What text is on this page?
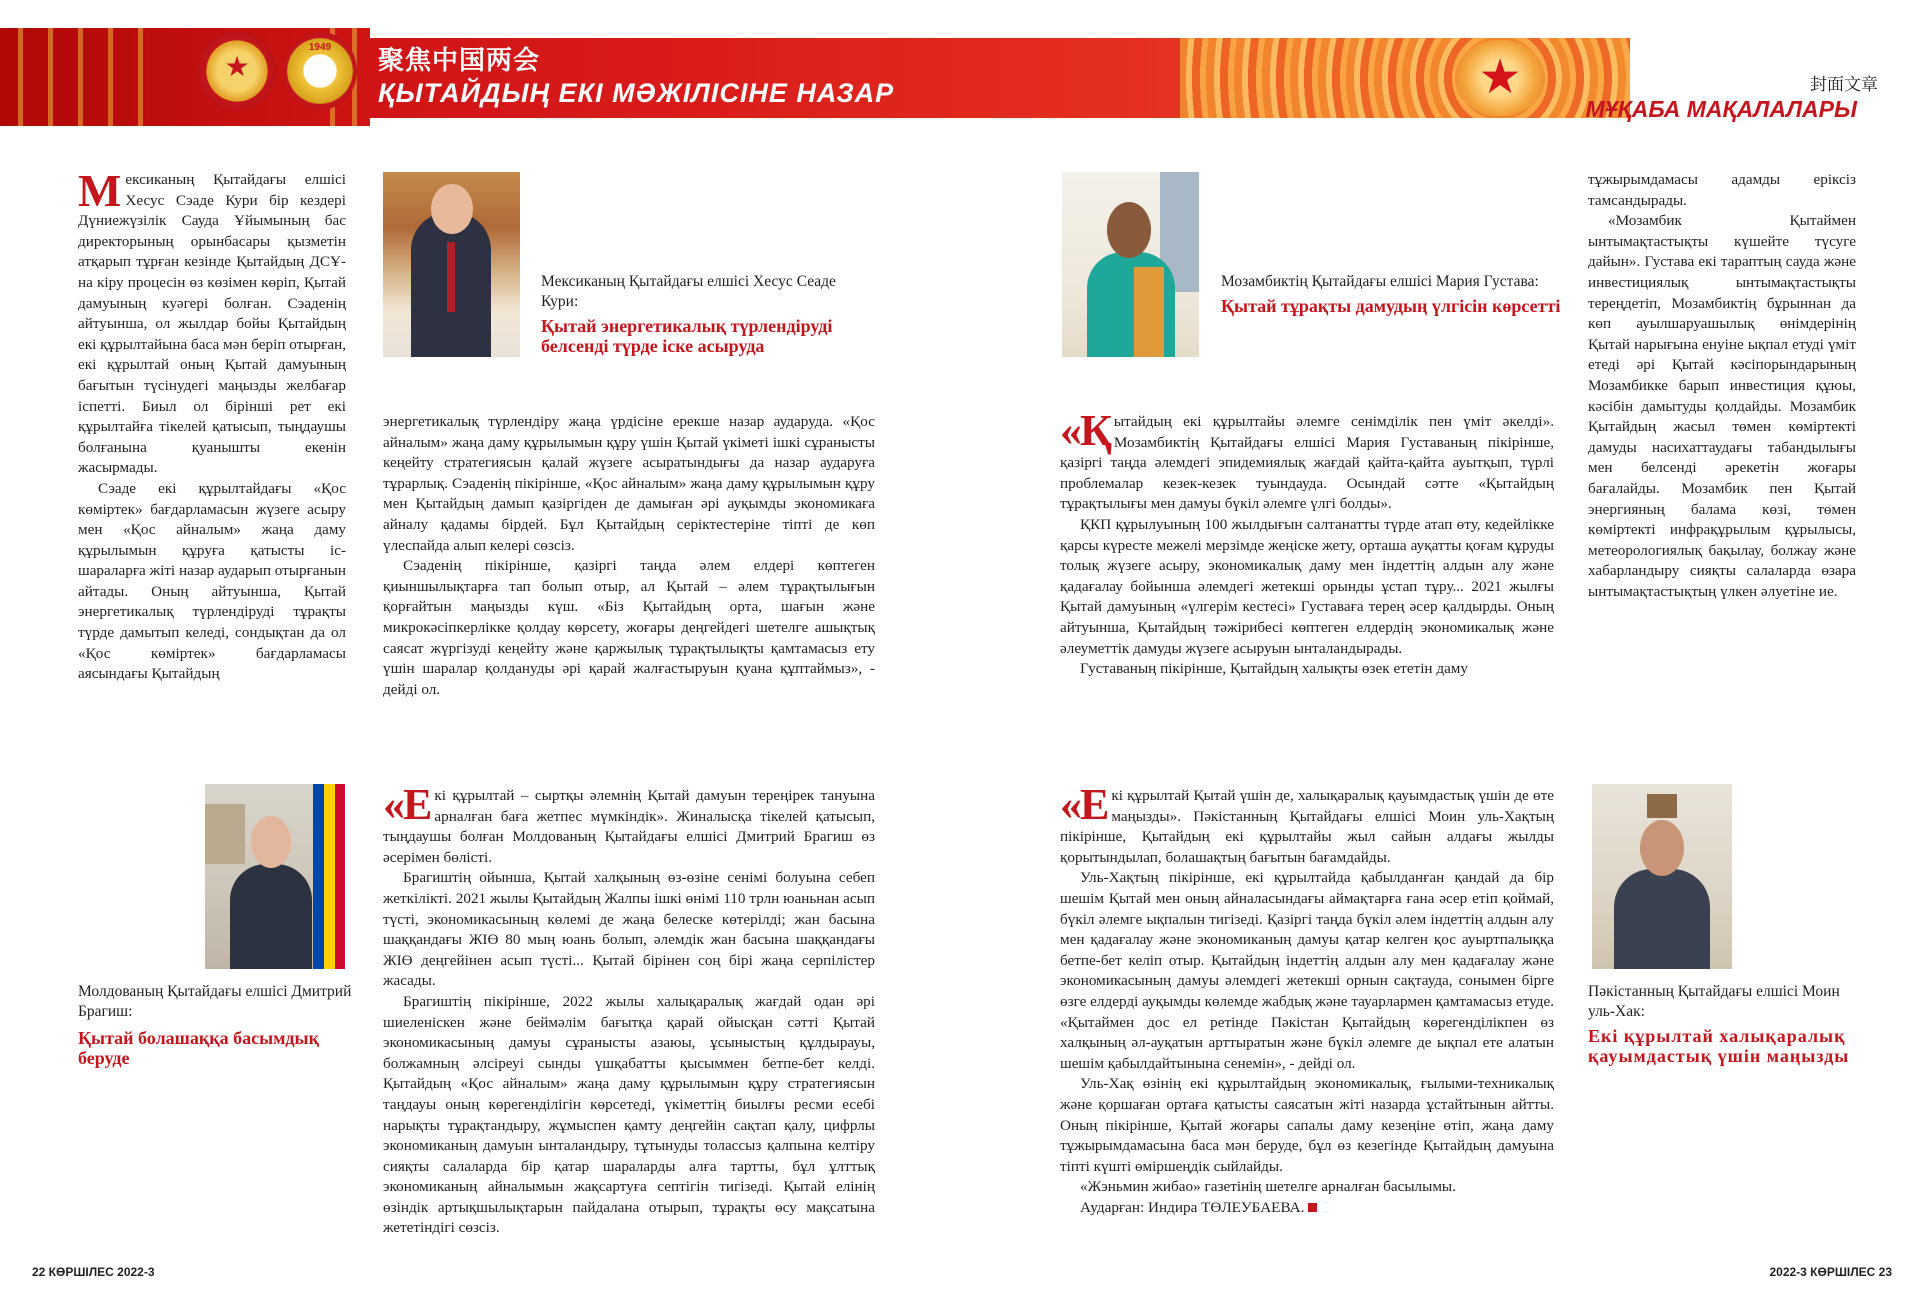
★
1949	聚焦中国两会
ҚЫТАЙДЫҢ ЕКІ МӘЖІЛІСІНЕ НАЗАР	★	封面文章
МҰҚАБА МАҚАЛАЛАРЫ

Мексиканың Қытайдағы елшісі Хесус Сэаде Кури бір кездері Дүниежүзілік Сауда Ұйымының бас директорының орынбасары қызметін атқарып тұрған кезінде Қытайдың ДСҰ-на кіру процесін өз көзімен көріп, Қытай дамуының куәгері болған. Сэаденің айтуынша, ол жылдар бойы Қытайдың екі құрылтайына баса мән беріп отырған, екі құрылтай оның Қытай дамуының бағытын түсінудегі маңызды желбағар іспетті. Биыл ол бірінші рет екі құрылтайға тікелей қатысып, тыңдаушы болғанына қуанышты екенін жасырмады.

Сэаде екі құрылтайдағы «Қос көміртек» бағдарламасын жүзеге асыру мен «Қос айналым» жаңа даму құрылымын құруға қатысты іс-шараларға жіті назар аударып отырғанын айтады. Оның айтуынша, Қытай энергетикалық түрлендіруді тұрақты түрде дамытып келеді, сондықтан да ол «Қос көміртек» бағдарламасы аясындағы Қытайдың

Мексиканың Қытайдағы елшісі Хесус Сеаде Кури:
Қытай энергетикалық түрлендіруді белсенді түрде іске асыруда

энергетикалық түрлендіру жаңа үрдісіне ерекше назар аударуда. «Қос айналым» жаңа даму құрылымын құру үшін Қытай үкіметі ішкі сұранысты кеңейту стратегиясын қалай жүзеге асыратындығы да назар аударуға тұрарлық. Сэаденің пікірінше, «Қос айналым» жаңа даму құрылымын құру мен Қытайдың дамып қазіргіден де дамыған әрі ауқымды экономикаға айналу қадамы бірдей. Бұл Қытайдың серіктестеріне тіпті де көп үлеспайда алып келері сөзсіз.

Сэаденің пікірінше, қазіргі таңда әлем елдері көптеген қиыншылықтарға тап болып отыр, ал Қытай – әлем тұрақтылығын қорғайтын маңызды күш. «Біз Қытайдың орта, шағын және микрокәсіпкерлікке қолдау көрсету, жоғары деңгейдегі шетелге ашықтық саясат жүргізуді кеңейту және қаржылық тұрақтылықты қамтамасыз ету үшін шаралар қолдануды әрі қарай жалғастыруын қуана құптаймыз», - дейді ол.

Мозамбиктің Қытайдағы елшісі Мария Густава:
Қытай тұрақты дамудың үлгісін көрсетті

«Қытайдың екі құрылтайы әлемге сенімділік пен үміт әкелді». Мозамбиктің Қытайдағы елшісі Мария Густаваның пікірінше, қазіргі таңда әлемдегі эпидемиялық жағдай қайта-қайта ауытқып, түрлі проблемалар кезек-кезек туындауда. Осындай сәтте «Қытайдың тұрақтылығы мен дамуы бүкіл әлемге үлгі болды».

ҚКП құрылуының 100 жылдығын салтанатты түрде атап өту, кедейлікке қарсы күресте межелі мерзімде жеңіске жету, орташа ауқатты қоғам құруды толық жүзеге асыру, экономикалық даму мен індеттің алдын алу және қадағалау бойынша әлемдегі жетекші орынды ұстап тұру... 2021 жылғы Қытай дамуының «үлгерім кестесі» Густаваға терең әсер қалдырды. Оның айтуынша, Қытайдың тәжірибесі көптеген елдердің экономикалық және әлеуметтік дамуды жүзеге асыруын ынталандырады.

Густаваның пікірінше, Қытайдың халықты өзек ететін даму

тұжырымдамасы адамды еріксіз тамсандырады.

«Мозамбик Қытаймен ынтымақтастықты күшейте түсуге дайын». Густава екі тараптың сауда және инвестициялық ынтымақтастықты тереңдетіп, Мозамбиктің бұрыннан да көп ауылшаруашылық өнімдерінің Қытай нарығына енуіне ықпал етуді үміт етеді әрі Қытай кәсіпорындарының Мозамбикке барып инвестиция құюы, кәсібін дамытуды қолдайды. Мозамбик Қытайдың жасыл төмен көміртекті дамуды насихаттаудағы табандылығы мен белсенді әрекетін жоғары бағалайды. Мозамбик пен Қытай энергияның балама көзі, төмен көміртекті инфрақұрылым құрылысы, метеорологиялық бақылау, болжау және хабарландыру сияқты салаларда өзара ынтымақтастықтың үлкен әлуетіне ие.

Молдованың Қытайдағы елшісі Дмитрий Брагиш:
Қытай болашаққа басымдық беруде

«Екі құрылтай – сыртқы әлемнің Қытай дамуын тереңірек тануына арналған баға жетпес мүмкіндік». Жиналысқа тікелей қатысып, тыңдаушы болған Молдованың Қытайдағы елшісі Дмитрий Брагиш өз әсерімен бөлісті.

Брагиштің ойынша, Қытай халқының өз-өзіне сенімі болуына себеп жеткілікті. 2021 жылы Қытайдың Жалпы ішкі өнімі 110 трлн юаньнан асып түсті, экономикасының көлемі де жаңа белеске көтерілді; жан басына шаққандағы ЖІӨ 80 мың юань болып, әлемдік жан басына шаққандағы ЖІӨ деңгейінен асып түсті... Қытай бірінен соң бірі жаңа серпілістер жасады.

Брагиштің пікірінше, 2022 жылы халықаралық жағдай одан әрі шиеленіскен және беймәлім бағытқа қарай ойысқан сәтті Қытай экономикасының дамуы сұранысты азаюы, ұсыныстың құлдырауы, болжамның әлсіреуі сынды үшқабатты қысыммен бетпе-бет келді. Қытайдың «Қос айналым» жаңа даму құрылымын құру стратегиясын таңдауы оның көрегенділігін көрсетеді, үкіметтің биылғы ресми есебі нарықты тұрақтандыру, жұмыспен қамту деңгейін сақтап қалу, цифрлы экономиканың дамуын ынталандыру, тұтынуды толассыз қалпына келтіру сияқты салаларда бір қатар шараларды алға тартты, бұл ұлттық экономиканың айналымын жақсартуға септігін тигізеді. Қытай елінің өзіндік артықшылықтарын пайдалана отырып, тұрақты өсу мақсатына жететіндігі сөзсіз.

«Екі құрылтай Қытай үшін де, халықаралық қауымдастық үшін де өте маңызды». Пәкістанның Қытайдағы елшісі Моин уль-Хақтың пікірінше, Қытайдың екі құрылтайы жыл сайын алдағы жылды қорытындылап, болашақтың бағытын бағамдайды.

Уль-Хақтың пікірінше, екі құрылтайда қабылданған қандай да бір шешім Қытай мен оның айналасындағы аймақтарға ғана әсер етіп қоймай, бүкіл әлемге ықпалын тигізеді. Қазіргі таңда бүкіл әлем індеттің алдын алу мен қадағалау және экономиканың дамуы қатар келген қос ауыртпалыққа бетпе-бет келіп отыр. Қытайдың індеттің алдын алу мен қадағалау және экономикасының дамуы әлемдегі жетекші орнын сақтауда, сонымен бірге өзге елдерді ауқымды көлемде жабдық және тауарлармен қамтамасыз етуде. «Қытаймен дос ел ретінде Пәкістан Қытайдың көрегенділікпен өз халқының әл-ауқатын арттыратын және бүкіл әлемге де ықпал ете алатын шешім қабылдайтынына сенемін», - дейді ол.

Уль-Хақ өзінің екі құрылтайдың экономикалық, ғылыми-техникалық және қоршаған ортаға қатысты саясатын жіті назарда ұстайтынын айтты. Оның пікірінше, Қытай жоғары сапалы даму кезеңіне өтіп, жаңа даму тұжырымдамасына баса мән беруде, бұл өз кезегінде Қытайдың дамуына тіпті күшті өміршеңдік сыйлайды.

«Жэньмин жибао» газетінің шетелге арналған басылымы.

Аударған: Индира ТӨЛЕУБАЕВА.

Пәкістанның Қытайдағы елшісі Моин уль-Хак:
Екі құрылтай халықаралық қауымдастық үшін маңызды
22 КӨРШІЛЕС 2022-3	2022-3 КӨРШІЛЕС 23
